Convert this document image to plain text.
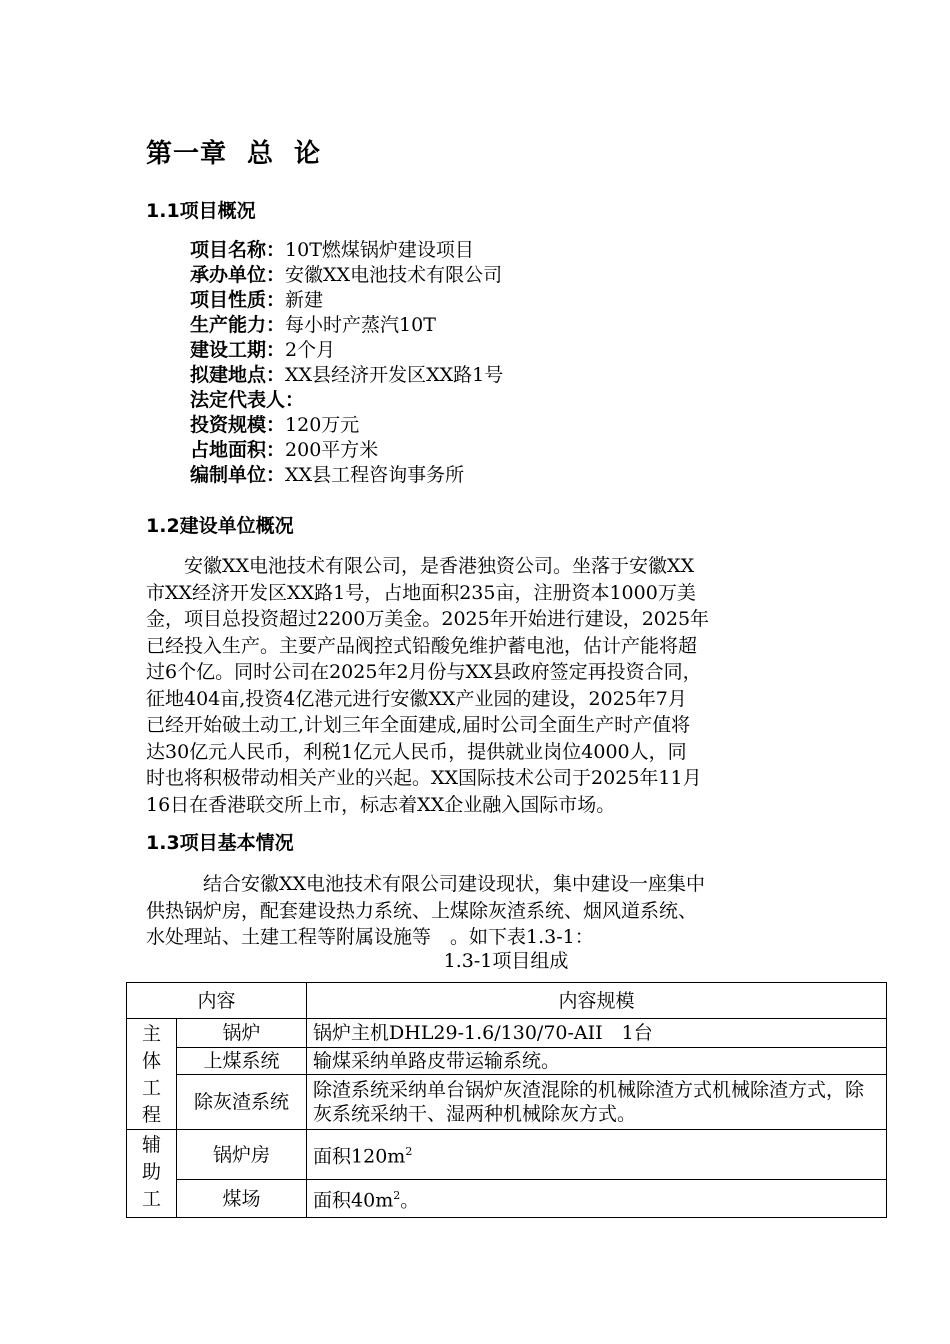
第一章 总 论
1.1项目概况
项目名称：10T燃煤锅炉建设项目
承办单位：安徽XX电池技术有限公司
项目性质：新建
生产能力：每小时产蒸汽10T
建设工期：2个月
拟建地点：XX县经济开发区XX路1号
法定代表人：
投资规模：120万元
占地面积：200平方米
编制单位：XX县工程咨询事务所
1.2建设单位概况
　　安徽XX电池技术有限公司，是香港独资公司。坐落于安徽XX
市XX经济开发区XX路1号，占地面积235亩，注册资本1000万美
金，项目总投资超过2200万美金。2025年开始进行建设，2025年
已经投入生产。主要产品阀控式铅酸免维护蓄电池，估计产能将超
过6个亿。同时公司在2025年2月份与XX县政府签定再投资合同，
征地404亩,投资4亿港元进行安徽XX产业园的建设，2025年7月
已经开始破土动工,计划三年全面建成,届时公司全面生产时产值将
达30亿元人民币，利税1亿元人民币，提供就业岗位4000人，同
时也将积极带动相关产业的兴起。XX国际技术公司于2025年11月
16日在香港联交所上市，标志着XX企业融入国际市场。
1.3项目基本情况
　　　结合安徽XX电池技术有限公司建设现状，集中建设一座集中
供热锅炉房，配套建设热力系统、上煤除灰渣系统、烟风道系统、
水处理站、土建工程等附属设施等　。如下表1.3-1：
1.3-1项目组成
内容		内容规模

主
体
工
程	锅炉	锅炉主机DHL29-1.6/130/70-AII　1台
	上煤系统	输煤采纳单路皮带运输系统。
	除灰渣系统	除渣系统采纳单台锅炉灰渣混除的机械除渣方式机械除渣方式，除灰系统采纳干、湿两种机械除灰方式。

辅
助
工	锅炉房	面积$120m^2$
	煤场	面积$40m^2$。
